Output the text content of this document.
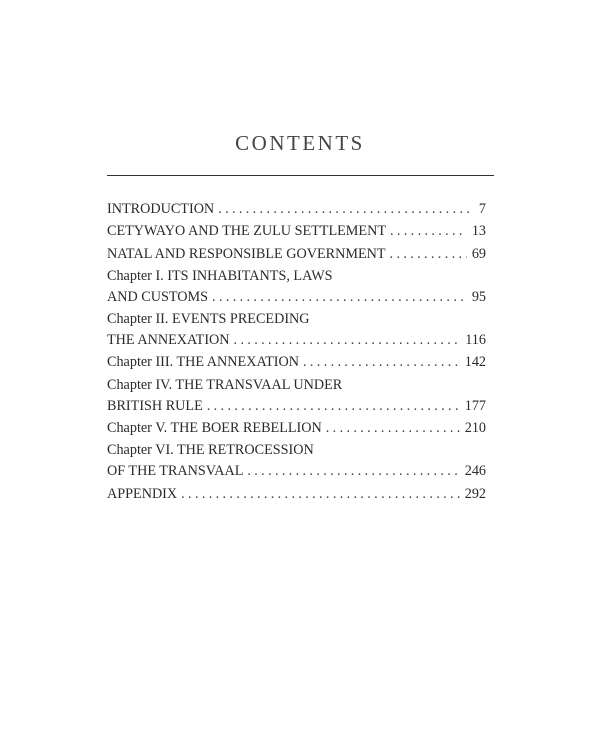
CONTENTS
INTRODUCTION . . .	7
CETYWAYO AND THE ZULU SETTLEMENT . . .	13
NATAL AND RESPONSIBLE GOVERNMENT . . .	69
Chapter I. ITS INHABITANTS, LAWS
AND CUSTOMS . . .	95
Chapter II. EVENTS PRECEDING
THE ANNEXATION . . .	116
Chapter III. THE ANNEXATION . . .	142
Chapter IV. THE TRANSVAAL UNDER
BRITISH RULE . . .	177
Chapter V. THE BOER REBELLION . . .	210
Chapter VI. THE RETROCESSION
OF THE TRANSVAAL . . .	246
APPENDIX . . .	292
